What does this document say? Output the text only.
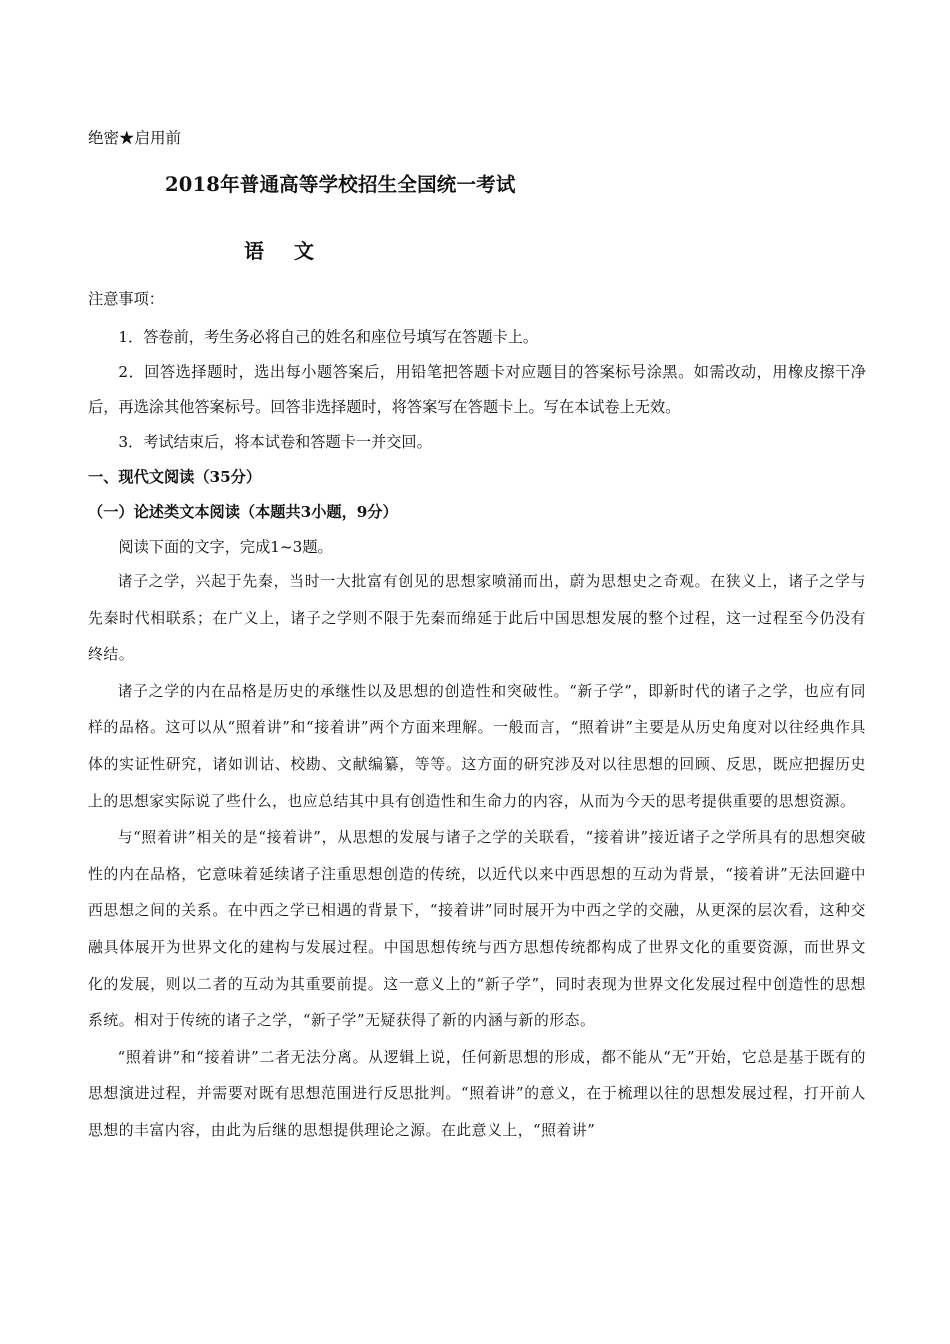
绝密★启用前
2018年普通高等学校招生全国统一考试
语文
注意事项：
1．答卷前，考生务必将自己的姓名和座位号填写在答题卡上。
2．回答选择题时，选出每小题答案后，用铅笔把答题卡对应题目的答案标号涂黑。如需改动，用橡皮擦干净后，再选涂其他答案标号。回答非选择题时，将答案写在答题卡上。写在本试卷上无效。
3．考试结束后，将本试卷和答题卡一并交回。
一、现代文阅读（35分）
（一）论述类文本阅读（本题共3小题，9分）
阅读下面的文字，完成1~3题。
诸子之学，兴起于先秦，当时一大批富有创见的思想家喷涌而出，蔚为思想史之奇观。在狭义上，诸子之学与先秦时代相联系；在广义上，诸子之学则不限于先秦而绵延于此后中国思想发展的整个过程，这一过程至今仍没有终结。
诸子之学的内在品格是历史的承继性以及思想的创造性和突破性。“新子学”，即新时代的诸子之学，也应有同样的品格。这可以从“照着讲”和“接着讲”两个方面来理解。一般而言，“照着讲”主要是从历史角度对以往经典作具体的实证性研究，诸如训诂、校勘、文献编纂，等等。这方面的研究涉及对以往思想的回顾、反思，既应把握历史上的思想家实际说了些什么，也应总结其中具有创造性和生命力的内容，从而为今天的思考提供重要的思想资源。
与“照着讲”相关的是“接着讲”，从思想的发展与诸子之学的关联看，“接着讲”接近诸子之学所具有的思想突破性的内在品格，它意味着延续诸子注重思想创造的传统，以近代以来中西思想的互动为背景，“接着讲”无法回避中西思想之间的关系。在中西之学已相遇的背景下，“接着讲”同时展开为中西之学的交融，从更深的层次看，这种交融具体展开为世界文化的建构与发展过程。中国思想传统与西方思想传统都构成了世界文化的重要资源，而世界文化的发展，则以二者的互动为其重要前提。这一意义上的“新子学”，同时表现为世界文化发展过程中创造性的思想系统。相对于传统的诸子之学，“新子学”无疑获得了新的内涵与新的形态。
“照着讲”和“接着讲”二者无法分离。从逻辑上说，任何新思想的形成，都不能从“无”开始，它总是基于既有的思想演进过程，并需要对既有思想范围进行反思批判。“照着讲”的意义，在于梳理以往的思想发展过程，打开前人思想的丰富内容，由此为后继的思想提供理论之源。在此意义上，“照着讲”
